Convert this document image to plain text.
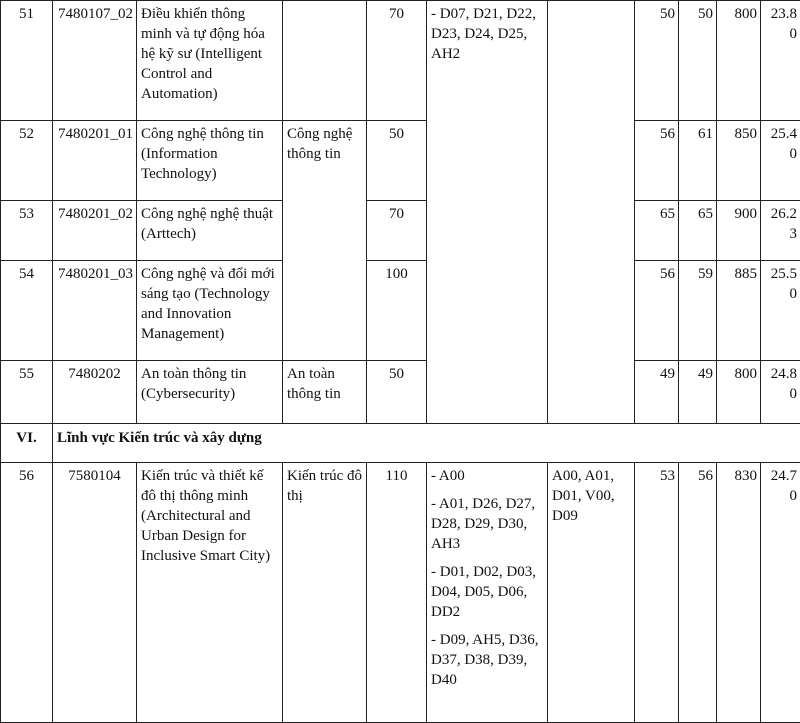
51	7480107_02	Điều khiển thông minh và tự động hóa hệ kỹ sư (Intelligent Control and Automation)		70	- D07, D21, D22, D23, D24, D25, AH2		50	50	800	23.80
52	7480201_01	Công nghệ thông tin (Information Technology)	Công nghệ thông tin	50			56	61	850	25.40
53	7480201_02	Công nghệ nghệ thuật (Arttech)		70			65	65	900	26.23
54	7480201_03	Công nghệ và đổi mới sáng tạo (Technology and Innovation Management)		100			56	59	885	25.50
55	7480202	An toàn thông tin (Cybersecurity)	An toàn thông tin	50			49	49	800	24.80
VI.	Lĩnh vực Kiến trúc và xây dựng									
56	7580104	Kiến trúc và thiết kế đô thị thông minh (Architectural and Urban Design for Inclusive Smart City)	Kiến trúc đô thị	110	- A00
- A01, D26, D27, D28, D29, D30, AH3
- D01, D02, D03, D04, D05, D06, DD2
- D09, AH5, D36, D37, D38, D39, D40	A00, A01, D01, V00, D09	53	56	830	24.70
